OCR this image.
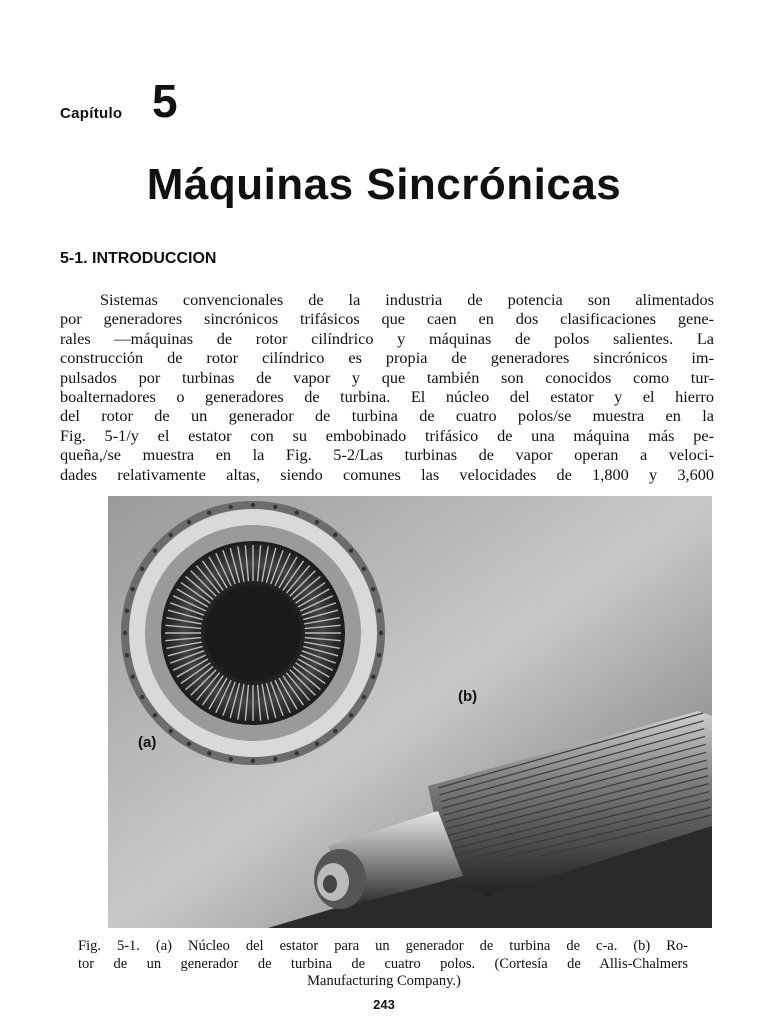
Capítulo 5
Máquinas Sincrónicas
5-1. INTRODUCCION
Sistemas convencionales de la industria de potencia son alimentados
por generadores sincrónicos trifásicos que caen en dos clasificaciones gene-
rales —máquinas de rotor cilíndrico y máquinas de polos salientes. La
construcción de rotor cilíndrico es propia de generadores sincrónicos im-
pulsados por turbinas de vapor y que también son conocidos como tur-
boalternadores o generadores de turbina. El núcleo del estator y el hierro
del rotor de un generador de turbina de cuatro polos/se muestra en la
Fig. 5-1/y el estator con su embobinado trifásico de una máquina más pe-
queña,/se muestra en la Fig. 5-2/Las turbinas de vapor operan a veloci-
dades relativamente altas, siendo comunes las velocidades de 1,800 y 3,600
(a)
(b)
Fig. 5-1. (a) Núcleo del estator para un generador de turbina de c-a. (b) Ro-
tor de un generador de turbina de cuatro polos. (Cortesía de Allis-Chalmers
Manufacturing Company.)
243
